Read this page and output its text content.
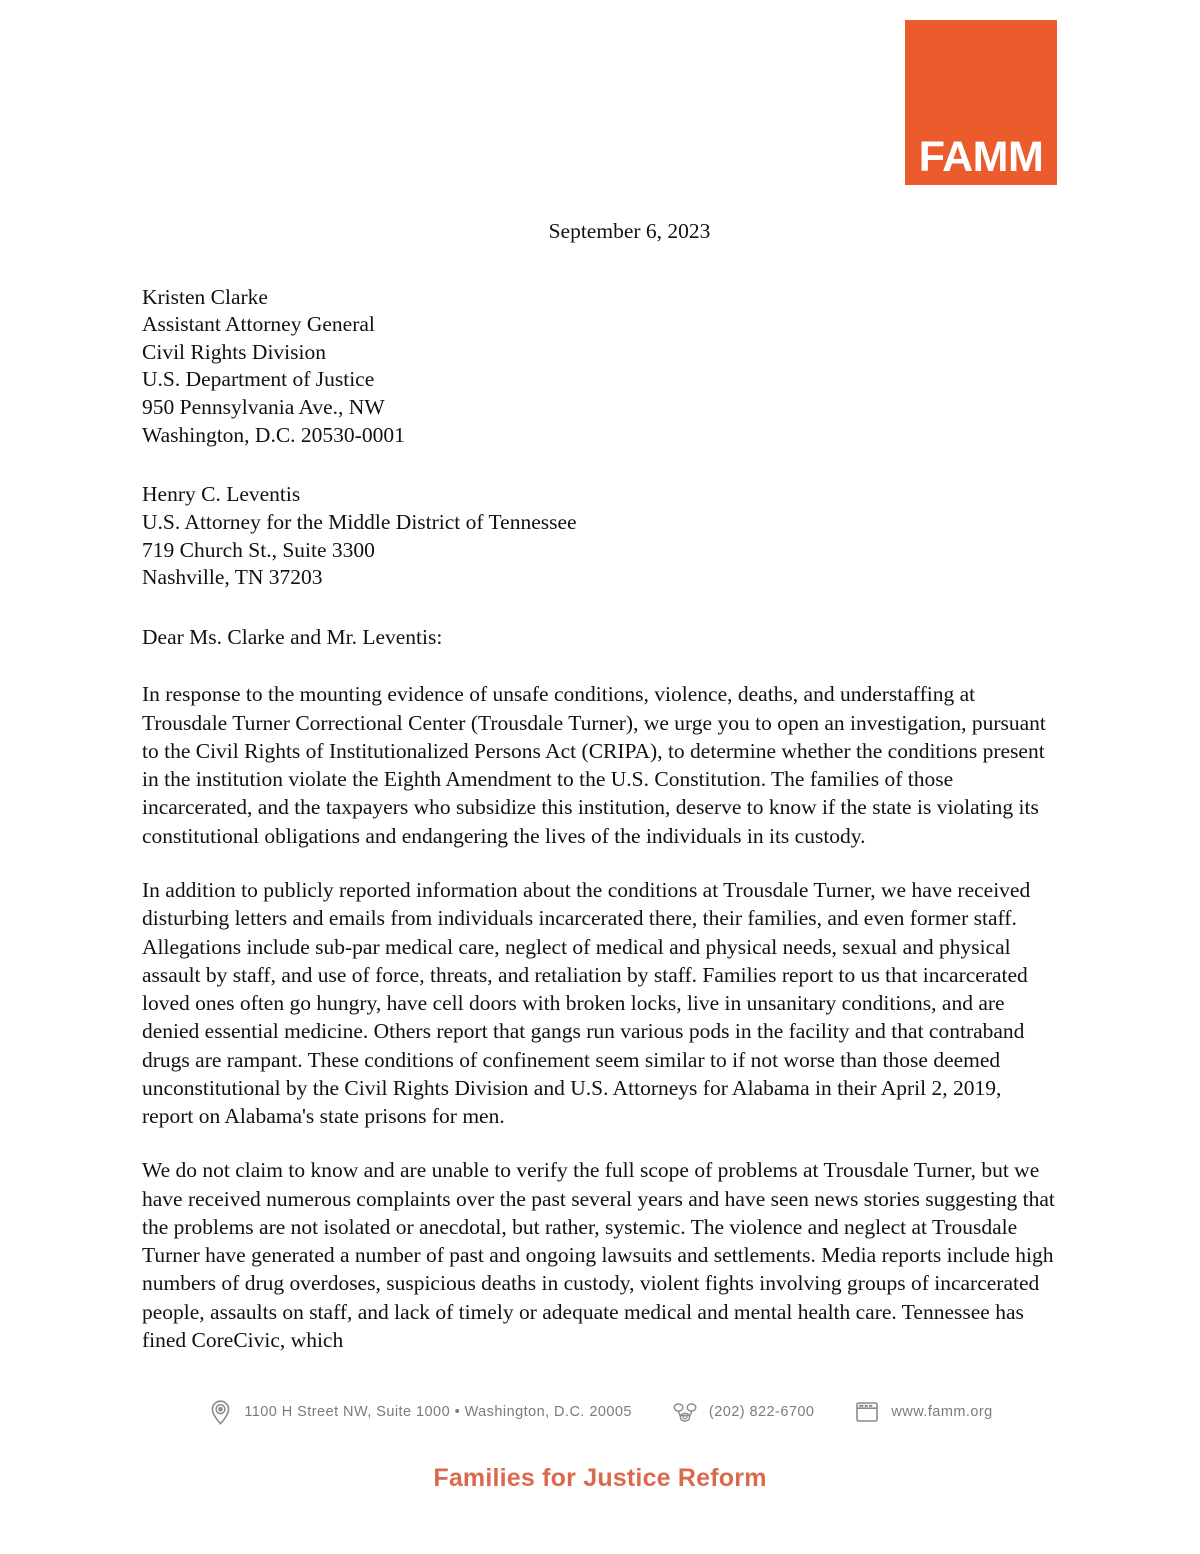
FAMM
September 6, 2023
Kristen Clarke
Assistant Attorney General
Civil Rights Division
U.S. Department of Justice
950 Pennsylvania Ave., NW
Washington, D.C. 20530-0001
Henry C. Leventis
U.S. Attorney for the Middle District of Tennessee
719 Church St., Suite 3300
Nashville, TN 37203
Dear Ms. Clarke and Mr. Leventis:

In response to the mounting evidence of unsafe conditions, violence, deaths, and understaffing at Trousdale Turner Correctional Center (Trousdale Turner), we urge you to open an investigation, pursuant to the Civil Rights of Institutionalized Persons Act (CRIPA), to determine whether the conditions present in the institution violate the Eighth Amendment to the U.S. Constitution. The families of those incarcerated, and the taxpayers who subsidize this institution, deserve to know if the state is violating its constitutional obligations and endangering the lives of the individuals in its custody.

In addition to publicly reported information about the conditions at Trousdale Turner, we have received disturbing letters and emails from individuals incarcerated there, their families, and even former staff. Allegations include sub-par medical care, neglect of medical and physical needs, sexual and physical assault by staff, and use of force, threats, and retaliation by staff. Families report to us that incarcerated loved ones often go hungry, have cell doors with broken locks, live in unsanitary conditions, and are denied essential medicine. Others report that gangs run various pods in the facility and that contraband drugs are rampant. These conditions of confinement seem similar to if not worse than those deemed unconstitutional by the Civil Rights Division and U.S. Attorneys for Alabama in their April 2, 2019, report on Alabama's state prisons for men.

We do not claim to know and are unable to verify the full scope of problems at Trousdale Turner, but we have received numerous complaints over the past several years and have seen news stories suggesting that the problems are not isolated or anecdotal, but rather, systemic. The violence and neglect at Trousdale Turner have generated a number of past and ongoing lawsuits and settlements. Media reports include high numbers of drug overdoses, suspicious deaths in custody, violent fights involving groups of incarcerated people, assaults on staff, and lack of timely or adequate medical and mental health care. Tennessee has fined CoreCivic, which

1100 H Street NW, Suite 1000 • Washington, D.C. 20005	(202) 822-6700	www.famm.org
Families for Justice Reform
